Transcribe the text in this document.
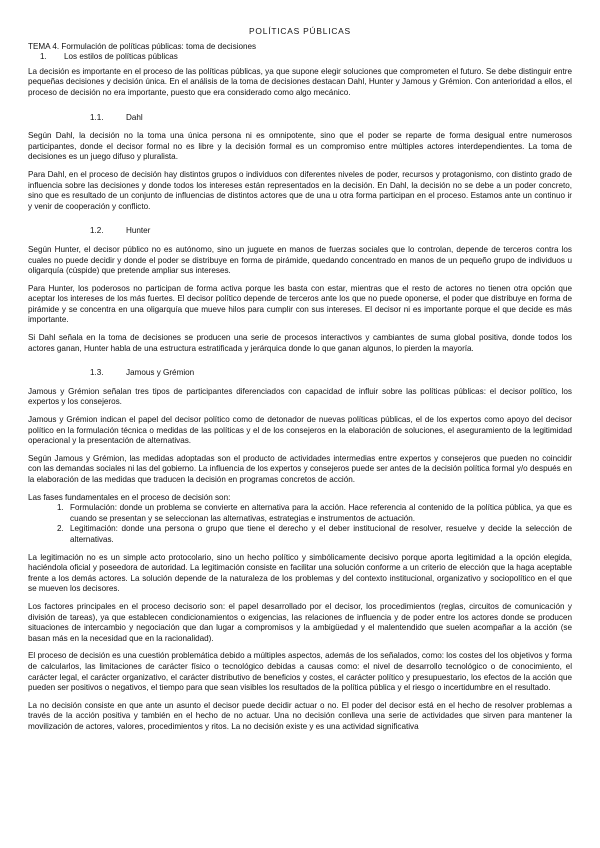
POLÍTICAS PÚBLICAS
TEMA 4. Formulación de políticas públicas: toma de decisiones
1. Los estilos de políticas públicas

La decisión es importante en el proceso de las políticas públicas, ya que supone elegir soluciones que comprometen el futuro. Se debe distinguir entre pequeñas decisiones y decisión única. En el análisis de la toma de decisiones destacan Dahl, Hunter y Jamous y Grémion. Con anterioridad a ellos, el proceso de decisión no era importante, puesto que era considerado como algo mecánico.

1.1.	Dahl

Según Dahl, la decisión no la toma una única persona ni es omnipotente, sino que el poder se reparte de forma desigual entre numerosos participantes, donde el decisor formal no es libre y la decisión formal es un compromiso entre múltiples actores interdependientes. La toma de decisiones es un juego difuso y pluralista.

Para Dahl, en el proceso de decisión hay distintos grupos o individuos con diferentes niveles de poder, recursos y protagonismo, con distinto grado de influencia sobre las decisiones y donde todos los intereses están representados en la decisión. En Dahl, la decisión no se debe a un poder concreto, sino que es resultado de un conjunto de influencias de distintos actores que de una u otra forma participan en el proceso. Estamos ante un continuo ir y venir de cooperación y conflicto.

1.2.	Hunter

Según Hunter, el decisor público no es autónomo, sino un juguete en manos de fuerzas sociales que lo controlan, depende de terceros contra los cuales no puede decidir y donde el poder se distribuye en forma de pirámide, quedando concentrado en manos de un pequeño grupo de individuos u oligarquía (cúspide) que pretende ampliar sus intereses.

Para Hunter, los poderosos no participan de forma activa porque les basta con estar, mientras que el resto de actores no tienen otra opción que aceptar los intereses de los más fuertes. El decisor político depende de terceros ante los que no puede oponerse, el poder que distribuye en forma de pirámide y se concentra en una oligarquía que mueve hilos para cumplir con sus intereses. El decisor ni es importante porque el que decide es más importante.

Si Dahl señala en la toma de decisiones se producen una serie de procesos interactivos y cambiantes de suma global positiva, donde todos los actores ganan, Hunter habla de una estructura estratificada y jerárquica donde lo que ganan algunos, lo pierden la mayoría.

1.3.	Jamous y Grémion

Jamous y Grémion señalan tres tipos de participantes diferenciados con capacidad de influir sobre las políticas públicas: el decisor político, los expertos y los consejeros.

Jamous y Grémion indican el papel del decisor político como de detonador de nuevas políticas públicas, el de los expertos como apoyo del decisor político en la formulación técnica o medidas de las políticas y el de los consejeros en la elaboración de soluciones, el aseguramiento de la legitimidad operacional y la presentación de alternativas.

Según Jamous y Grémion, las medidas adoptadas son el producto de actividades intermedias entre expertos y consejeros que pueden no coincidir con las demandas sociales ni las del gobierno. La influencia de los expertos y consejeros puede ser antes de la decisión política formal y/o después en la elaboración de las medidas que traducen la decisión en programas concretos de acción.

Las fases fundamentales en el proceso de decisión son:
1. Formulación: donde un problema se convierte en alternativa para la acción. Hace referencia al contenido de la política pública, ya que es cuando se presentan y se seleccionan las alternativas, estrategias e instrumentos de actuación.
2. Legitimación: donde una persona o grupo que tiene el derecho y el deber institucional de resolver, resuelve y decide la selección de alternativas.

La legitimación no es un simple acto protocolario, sino un hecho político y simbólicamente decisivo porque aporta legitimidad a la opción elegida, haciéndola oficial y poseedora de autoridad. La legitimación consiste en facilitar una solución conforme a un criterio de elección que la haga aceptable frente a los demás actores. La solución depende de la naturaleza de los problemas y del contexto institucional, organizativo y sociopolítico en el que se mueven los decisores.

Los factores principales en el proceso decisorio son: el papel desarrollado por el decisor, los procedimientos (reglas, circuitos de comunicación y división de tareas), ya que establecen condicionamientos o exigencias, las relaciones de influencia y de poder entre los actores donde se producen situaciones de intercambio y negociación que dan lugar a compromisos y la ambigüedad y el malentendido que suelen acompañar a la acción (se basan más en la necesidad que en la racionalidad).

El proceso de decisión es una cuestión problemática debido a múltiples aspectos, además de los señalados, como: los costes del los objetivos y forma de calcularlos, las limitaciones de carácter físico o tecnológico debidas a causas como: el nivel de desarrollo tecnológico o de conocimiento, el carácter legal, el carácter organizativo, el carácter distributivo de beneficios y costes, el carácter político y presupuestario, los efectos de la acción que pueden ser positivos o negativos, el tiempo para que sean visibles los resultados de la política pública y el riesgo o incertidumbre en el resultado.

La no decisión consiste en que ante un asunto el decisor puede decidir actuar o no. El poder del decisor está en el hecho de resolver problemas a través de la acción positiva y también en el hecho de no actuar. Una no decisión conlleva una serie de actividades que sirven para mantener la movilización de actores, valores, procedimientos y ritos. La no decisión existe y es una actividad significativa
